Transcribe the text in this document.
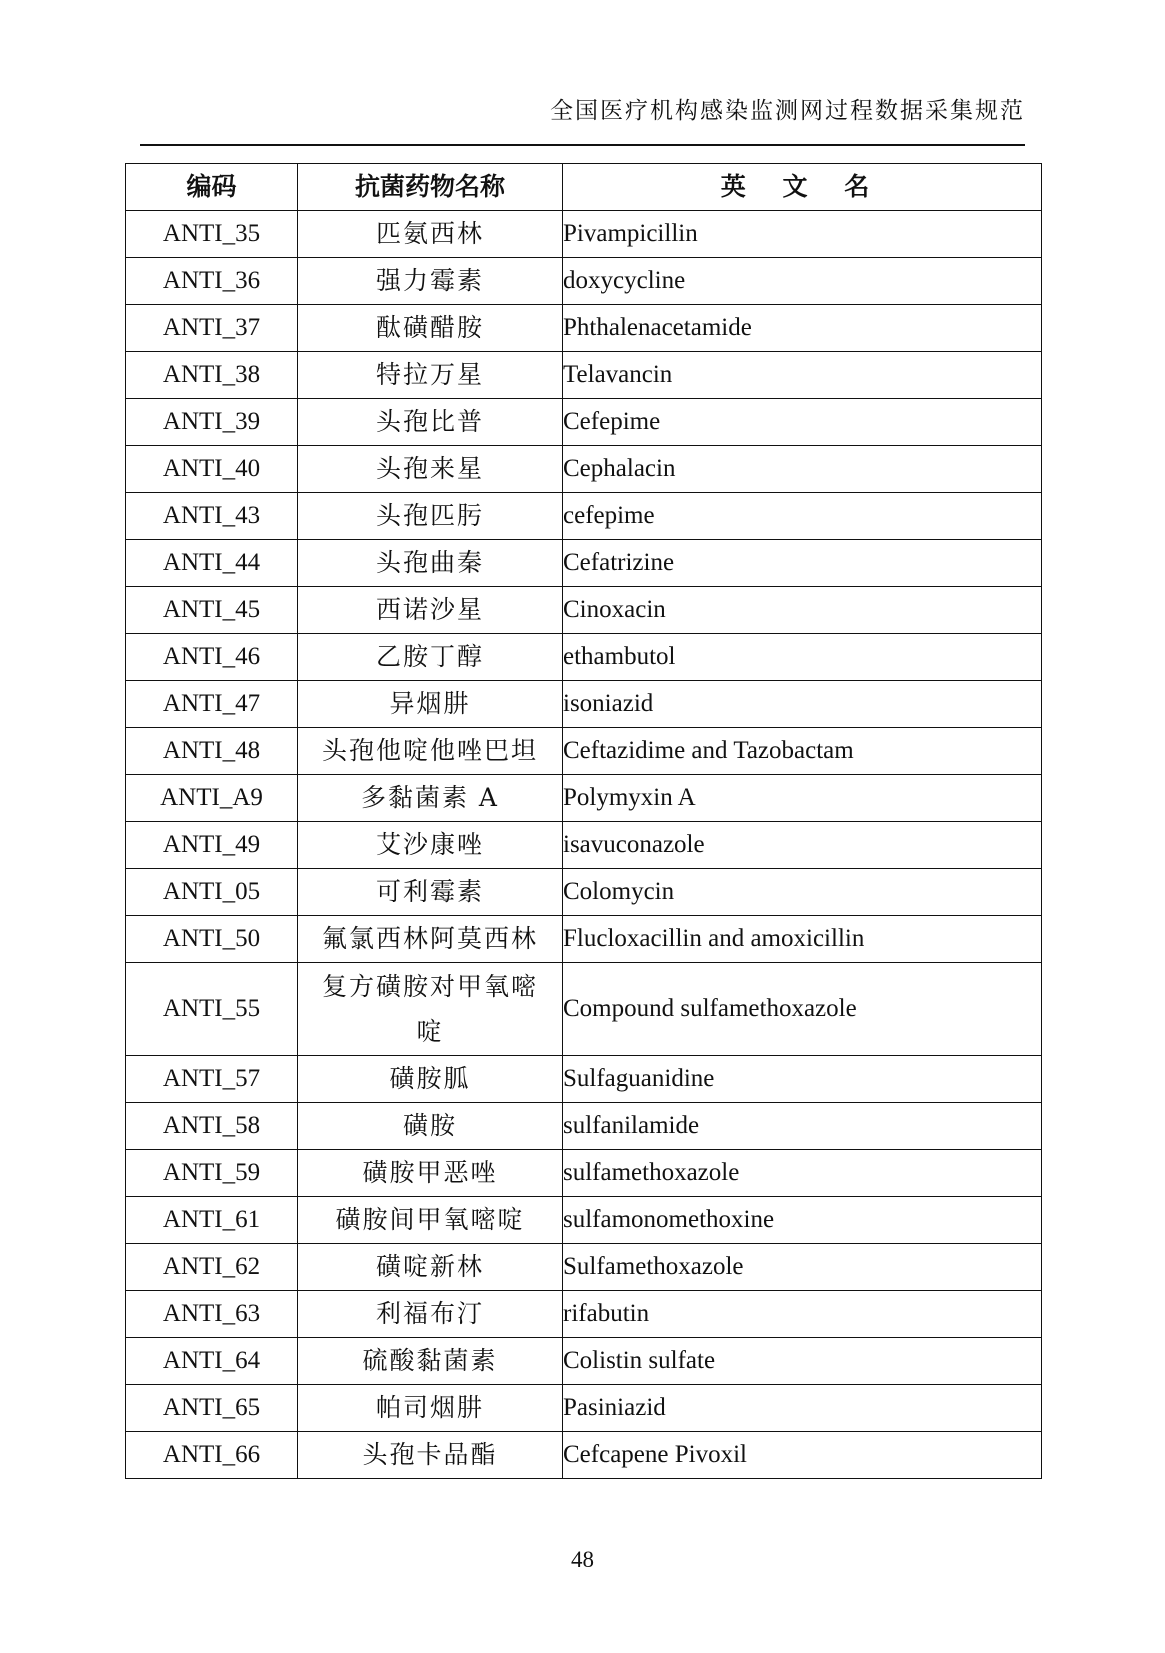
全国医疗机构感染监测网过程数据采集规范
编码	抗菌药物名称	英 文 名
ANTI_35	匹氨西林	Pivampicillin
ANTI_36	强力霉素	doxycycline
ANTI_37	酞磺醋胺	Phthalenacetamide
ANTI_38	特拉万星	Telavancin
ANTI_39	头孢比普	Cefepime
ANTI_40	头孢来星	Cephalacin
ANTI_43	头孢匹肟	cefepime
ANTI_44	头孢曲秦	Cefatrizine
ANTI_45	西诺沙星	Cinoxacin
ANTI_46	乙胺丁醇	ethambutol
ANTI_47	异烟肼	isoniazid
ANTI_48	头孢他啶他唑巴坦	Ceftazidime and Tazobactam
ANTI_A9	多黏菌素 A	Polymyxin A
ANTI_49	艾沙康唑	isavuconazole
ANTI_05	可利霉素	Colomycin
ANTI_50	氟氯西林阿莫西林	Flucloxacillin and amoxicillin
ANTI_55	复方磺胺对甲氧嘧啶	Compound sulfamethoxazole
ANTI_57	磺胺胍	Sulfaguanidine
ANTI_58	磺胺	sulfanilamide
ANTI_59	磺胺甲恶唑	sulfamethoxazole
ANTI_61	磺胺间甲氧嘧啶	sulfamonomethoxine
ANTI_62	磺啶新林	Sulfamethoxazole
ANTI_63	利福布汀	rifabutin
ANTI_64	硫酸黏菌素	Colistin sulfate
ANTI_65	帕司烟肼	Pasiniazid
ANTI_66	头孢卡品酯	Cefcapene Pivoxil
48
